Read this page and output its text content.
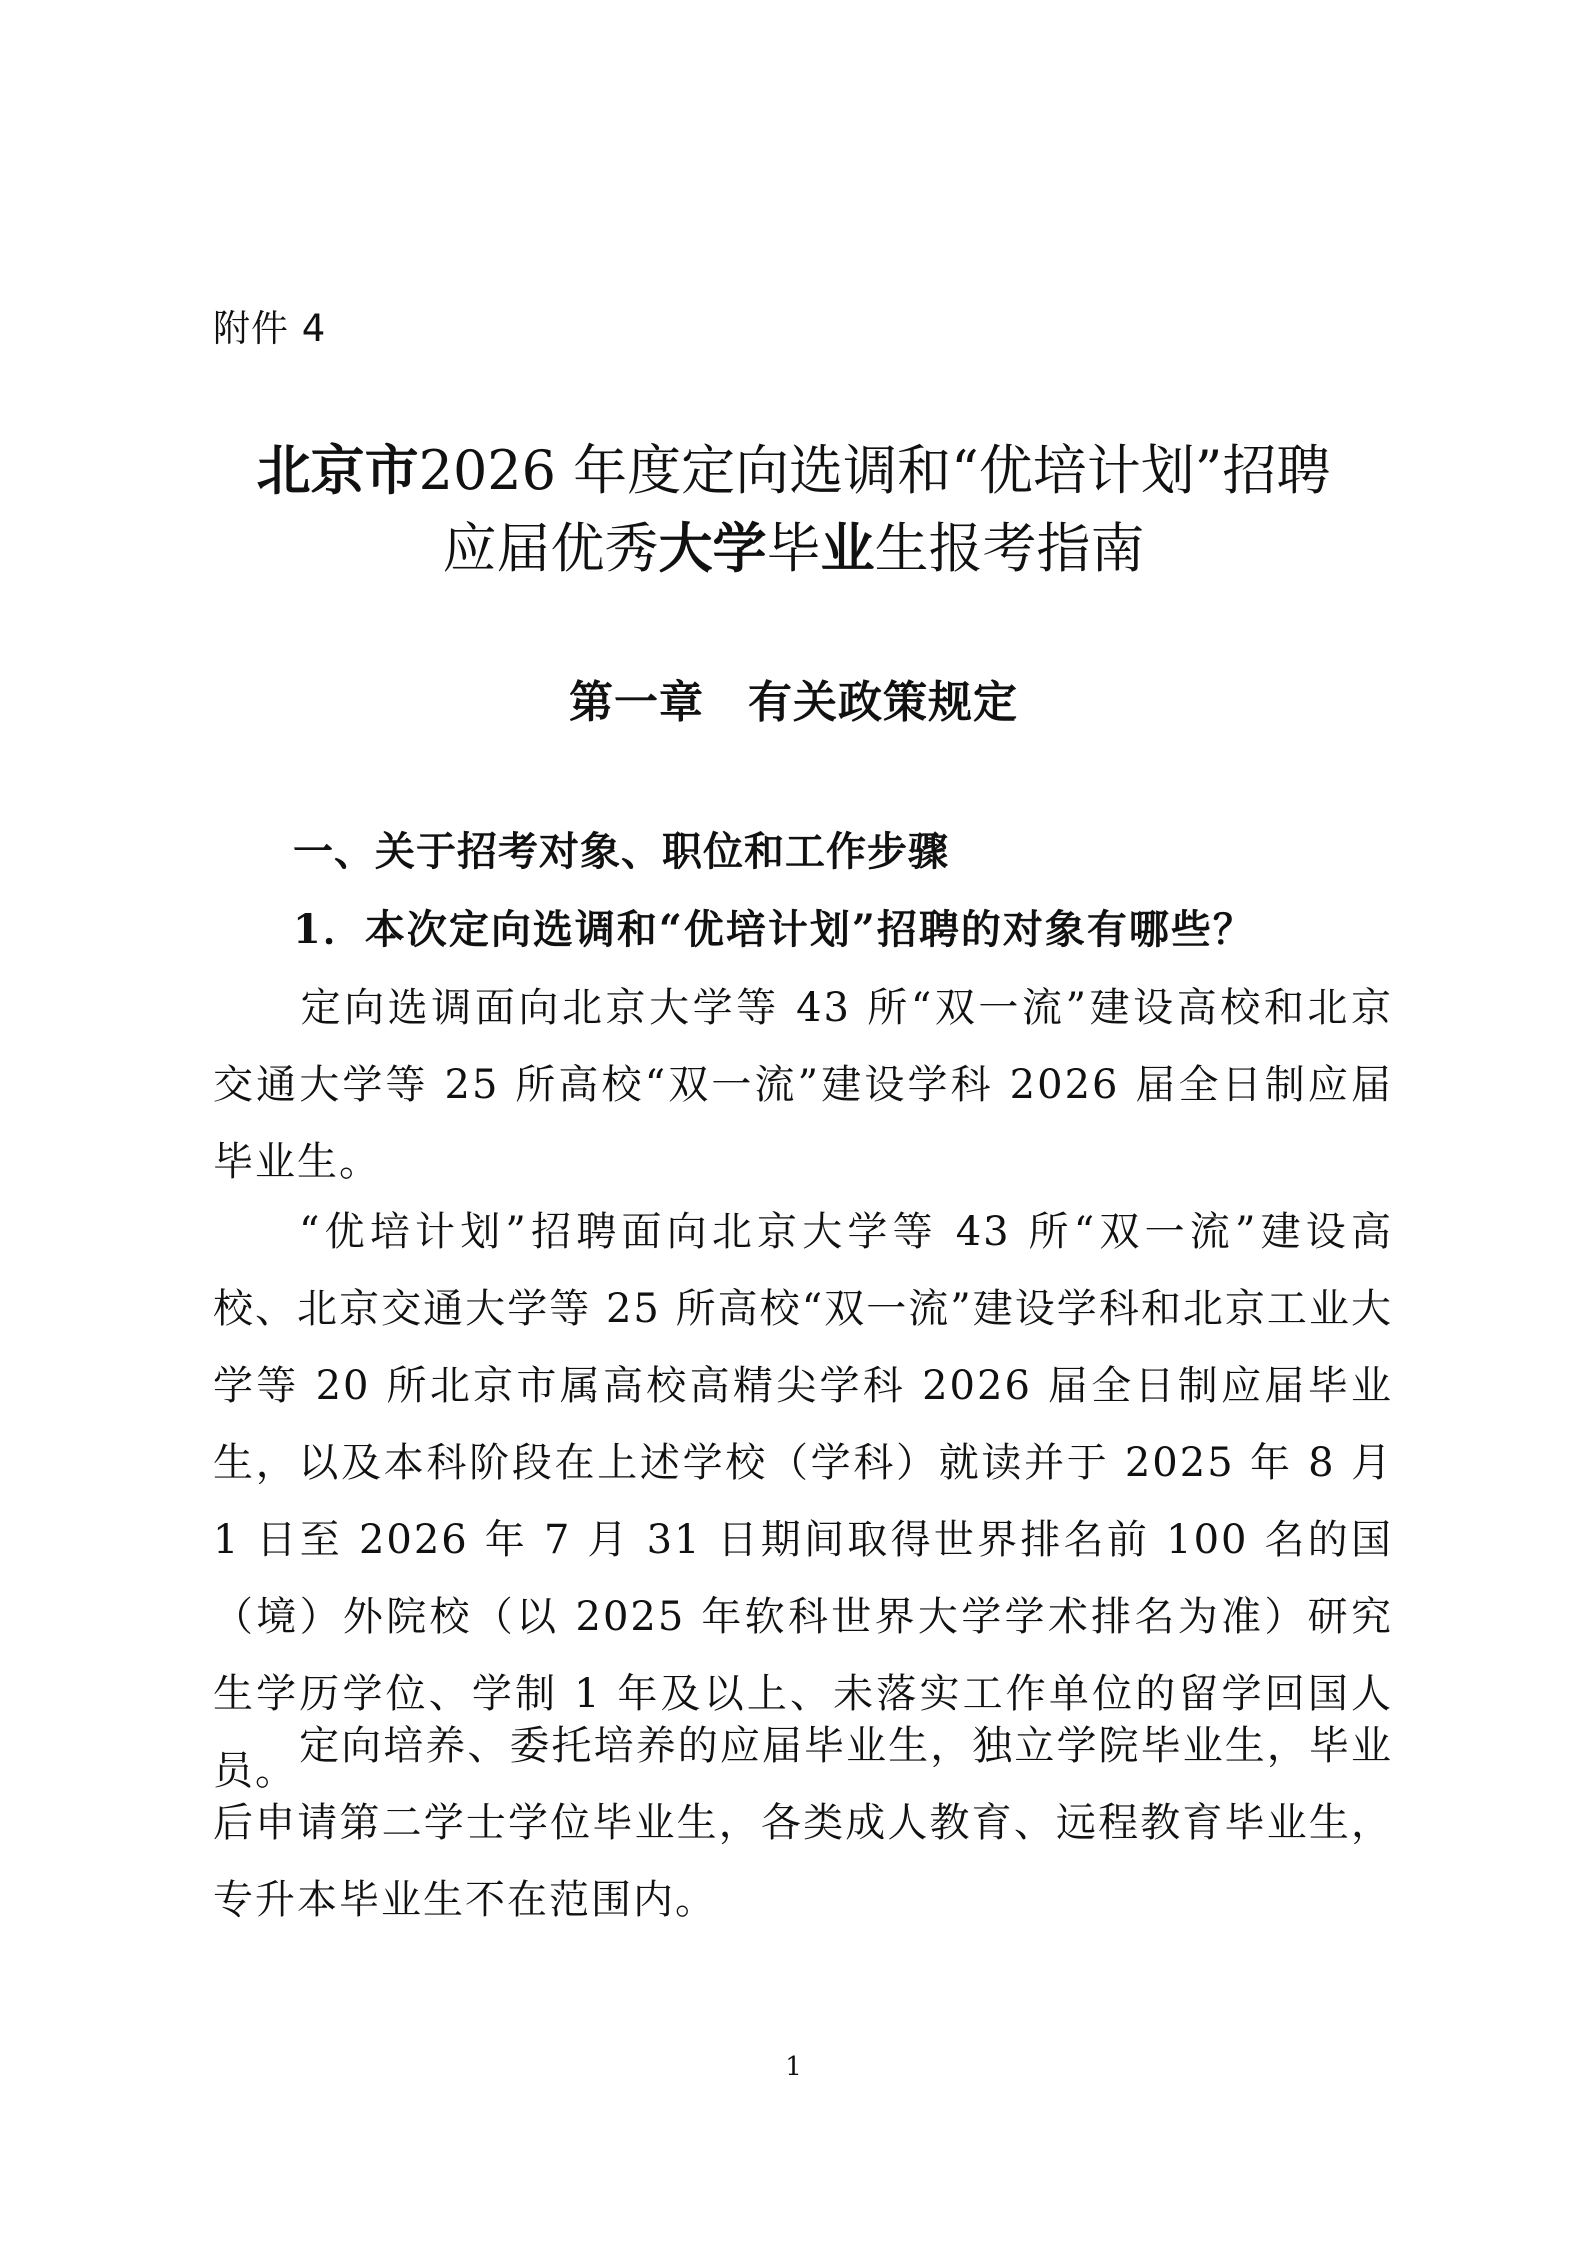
附件 4
北京市2026 年度定向选调和“优培计划”招聘
应届优秀大学毕业生报考指南
第一章 有关政策规定
一、关于招考对象、职位和工作步骤
1．本次定向选调和“优培计划”招聘的对象有哪些？

定向选调面向北京大学等 43 所“双一流”建设高校和北京交通大学等 25 所高校“双一流”建设学科 2026 届全日制应届毕业生。

“优培计划”招聘面向北京大学等 43 所“双一流”建设高校、北京交通大学等 25 所高校“双一流”建设学科和北京工业大学等 20 所北京市属高校高精尖学科 2026 届全日制应届毕业生，以及本科阶段在上述学校（学科）就读并于 2025 年 8 月 1 日至 2026 年 7 月 31 日期间取得世界排名前 100 名的国（境）外院校（以 2025 年软科世界大学学术排名为准）研究生学历学位、学制 1 年及以上、未落实工作单位的留学回国人员。

定向培养、委托培养的应届毕业生，独立学院毕业生，毕业后申请第二学士学位毕业生，各类成人教育、远程教育毕业生，专升本毕业生不在范围内。

1
